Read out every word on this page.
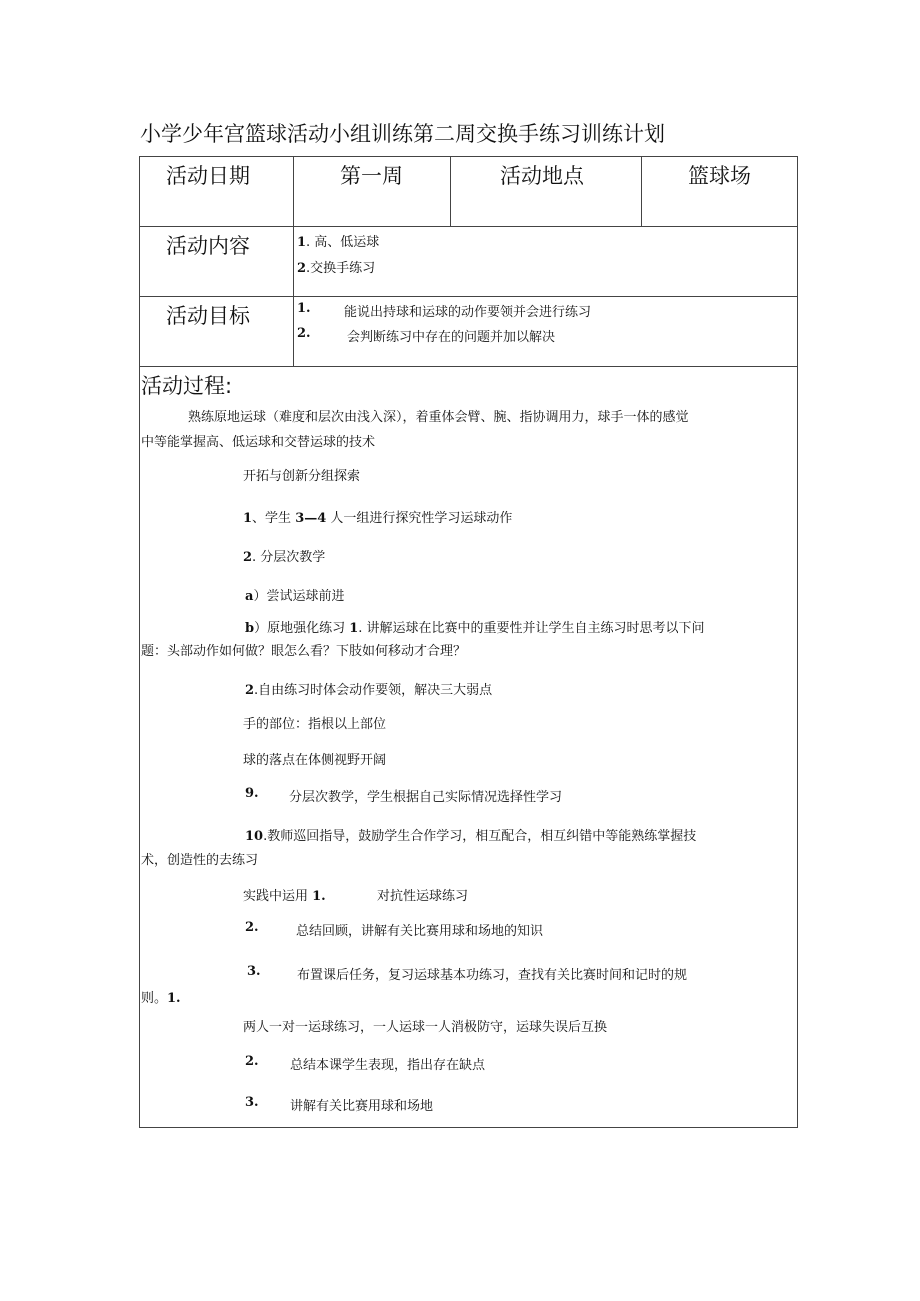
小学少年宫篮球活动小组训练第二周交换手练习训练计划
活动日期	第一周	活动地点	篮球场
活动内容	1. 高、低运球
2.交换手练习
活动目标	1.	能说出持球和运球的动作要领并会进行练习
2.	会判断练习中存在的问题并加以解决
活动过程:
熟练原地运球（难度和层次由浅入深），着重体会臂、腕、指协调用力，球手一体的感觉
中等能掌握高、低运球和交替运球的技术
开拓与创新分组探索
1、学生 3—4 人一组进行探究性学习运球动作
2. 分层次教学
a）尝试运球前进
b）原地强化练习 1. 讲解运球在比赛中的重要性并让学生自主练习时思考以下问
题：头部动作如何做？眼怎么看？下肢如何移动才合理？
2.自由练习时体会动作要领，解决三大弱点
手的部位：指根以上部位
球的落点在体侧视野开阔
9. 分层次教学，学生根据自己实际情况选择性学习
10.教师巡回指导，鼓励学生合作学习，相互配合，相互纠错中等能熟练掌握技
术，创造性的去练习
实践中运用 1.	对抗性运球练习
2.	总结回顾，讲解有关比赛用球和场地的知识
3.	布置课后任务，复习运球基本功练习，查找有关比赛时间和记时的规
则。1.
两人一对一运球练习，一人运球一人消极防守，运球失误后互换
2. 总结本课学生表现，指出存在缺点
3. 讲解有关比赛用球和场地
